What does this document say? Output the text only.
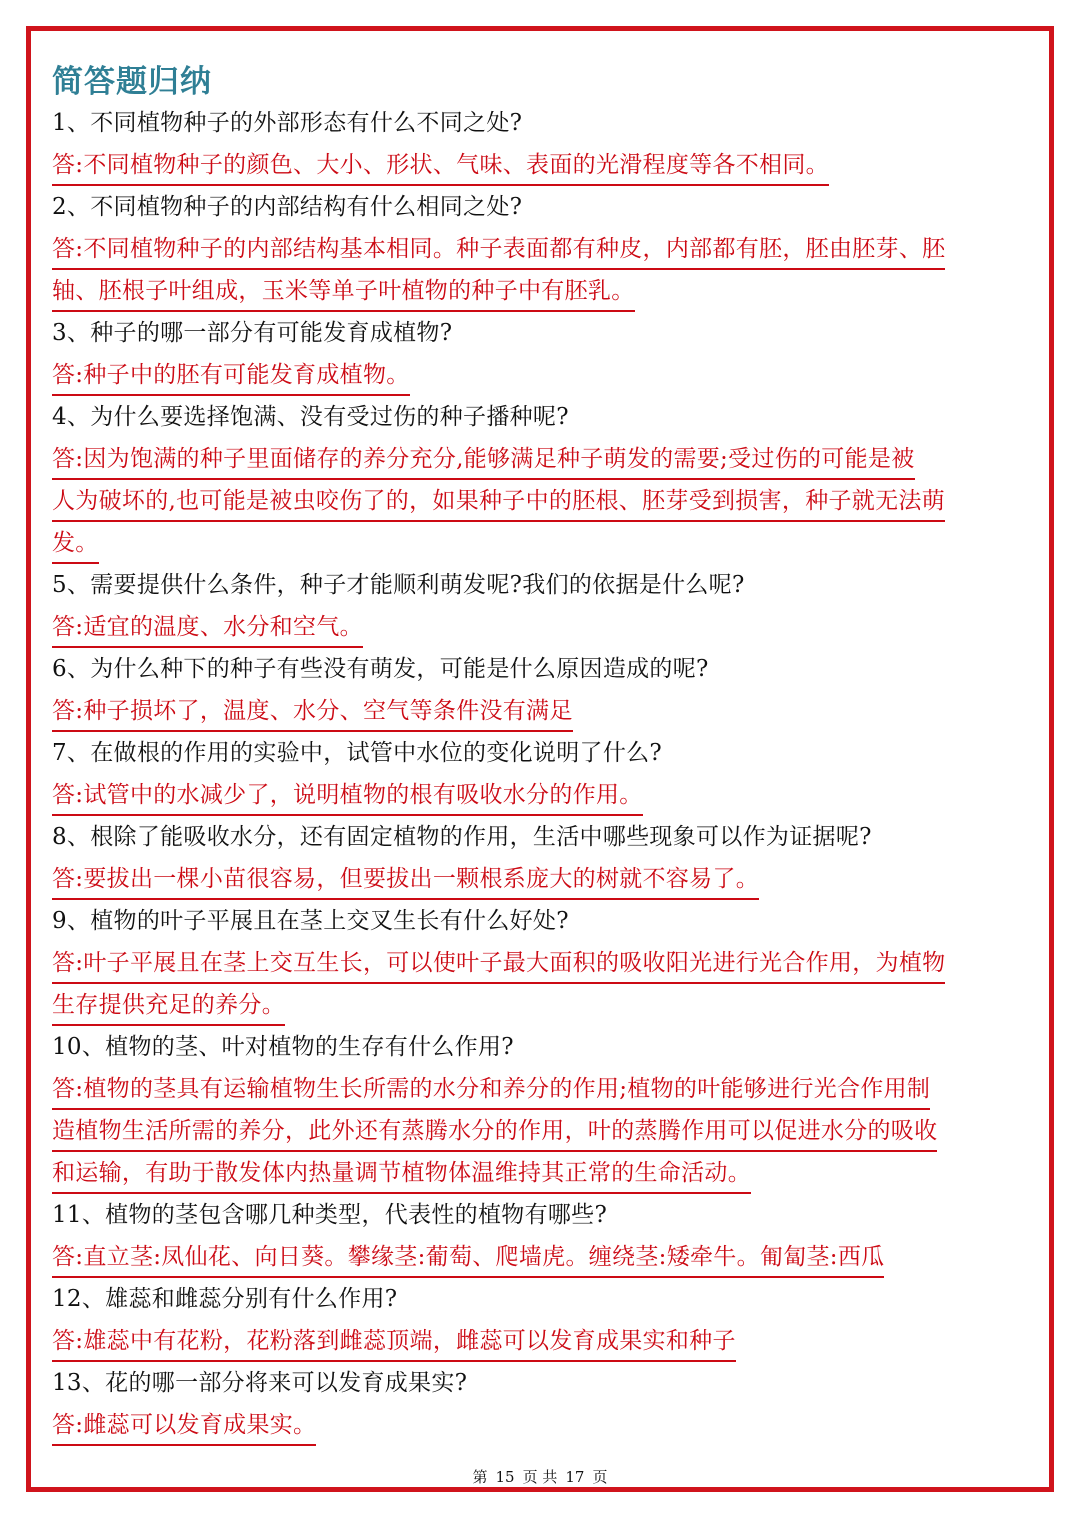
简答题归纳
1、不同植物种子的外部形态有什么不同之处?
答:不同植物种子的颜色、大小、形状、气味、表面的光滑程度等各不相同。
2、不同植物种子的内部结构有什么相同之处?
答:不同植物种子的内部结构基本相同。种子表面都有种皮，内部都有胚，胚由胚芽、胚
轴、胚根子叶组成，玉米等单子叶植物的种子中有胚乳。
3、种子的哪一部分有可能发育成植物?
答:种子中的胚有可能发育成植物。
4、为什么要选择饱满、没有受过伤的种子播种呢?
答:因为饱满的种子里面储存的养分充分,能够满足种子萌发的需要;受过伤的可能是被
人为破坏的,也可能是被虫咬伤了的，如果种子中的胚根、胚芽受到损害，种子就无法萌
发。
5、需要提供什么条件，种子才能顺利萌发呢?我们的依据是什么呢?
答:适宜的温度、水分和空气。
6、为什么种下的种子有些没有萌发，可能是什么原因造成的呢?
答:种子损坏了，温度、水分、空气等条件没有满足
7、在做根的作用的实验中，试管中水位的变化说明了什么?
答:试管中的水减少了，说明植物的根有吸收水分的作用。
8、根除了能吸收水分，还有固定植物的作用，生活中哪些现象可以作为证据呢?
答:要拔出一棵小苗很容易，但要拔出一颗根系庞大的树就不容易了。
9、植物的叶子平展且在茎上交叉生长有什么好处?
答:叶子平展且在茎上交互生长，可以使叶子最大面积的吸收阳光进行光合作用，为植物
生存提供充足的养分。
10、植物的茎、叶对植物的生存有什么作用?
答:植物的茎具有运输植物生长所需的水分和养分的作用;植物的叶能够进行光合作用制
造植物生活所需的养分，此外还有蒸腾水分的作用，叶的蒸腾作用可以促进水分的吸收
和运输，有助于散发体内热量调节植物体温维持其正常的生命活动。
11、植物的茎包含哪几种类型，代表性的植物有哪些?
答:直立茎:凤仙花、向日葵。攀缘茎:葡萄、爬墙虎。缠绕茎:矮牵牛。匍匐茎:西瓜
12、雄蕊和雌蕊分别有什么作用?
答:雄蕊中有花粉，花粉落到雌蕊顶端，雌蕊可以发育成果实和种子
13、花的哪一部分将来可以发育成果实?
答:雌蕊可以发育成果实。
第 15 页 共 17 页
